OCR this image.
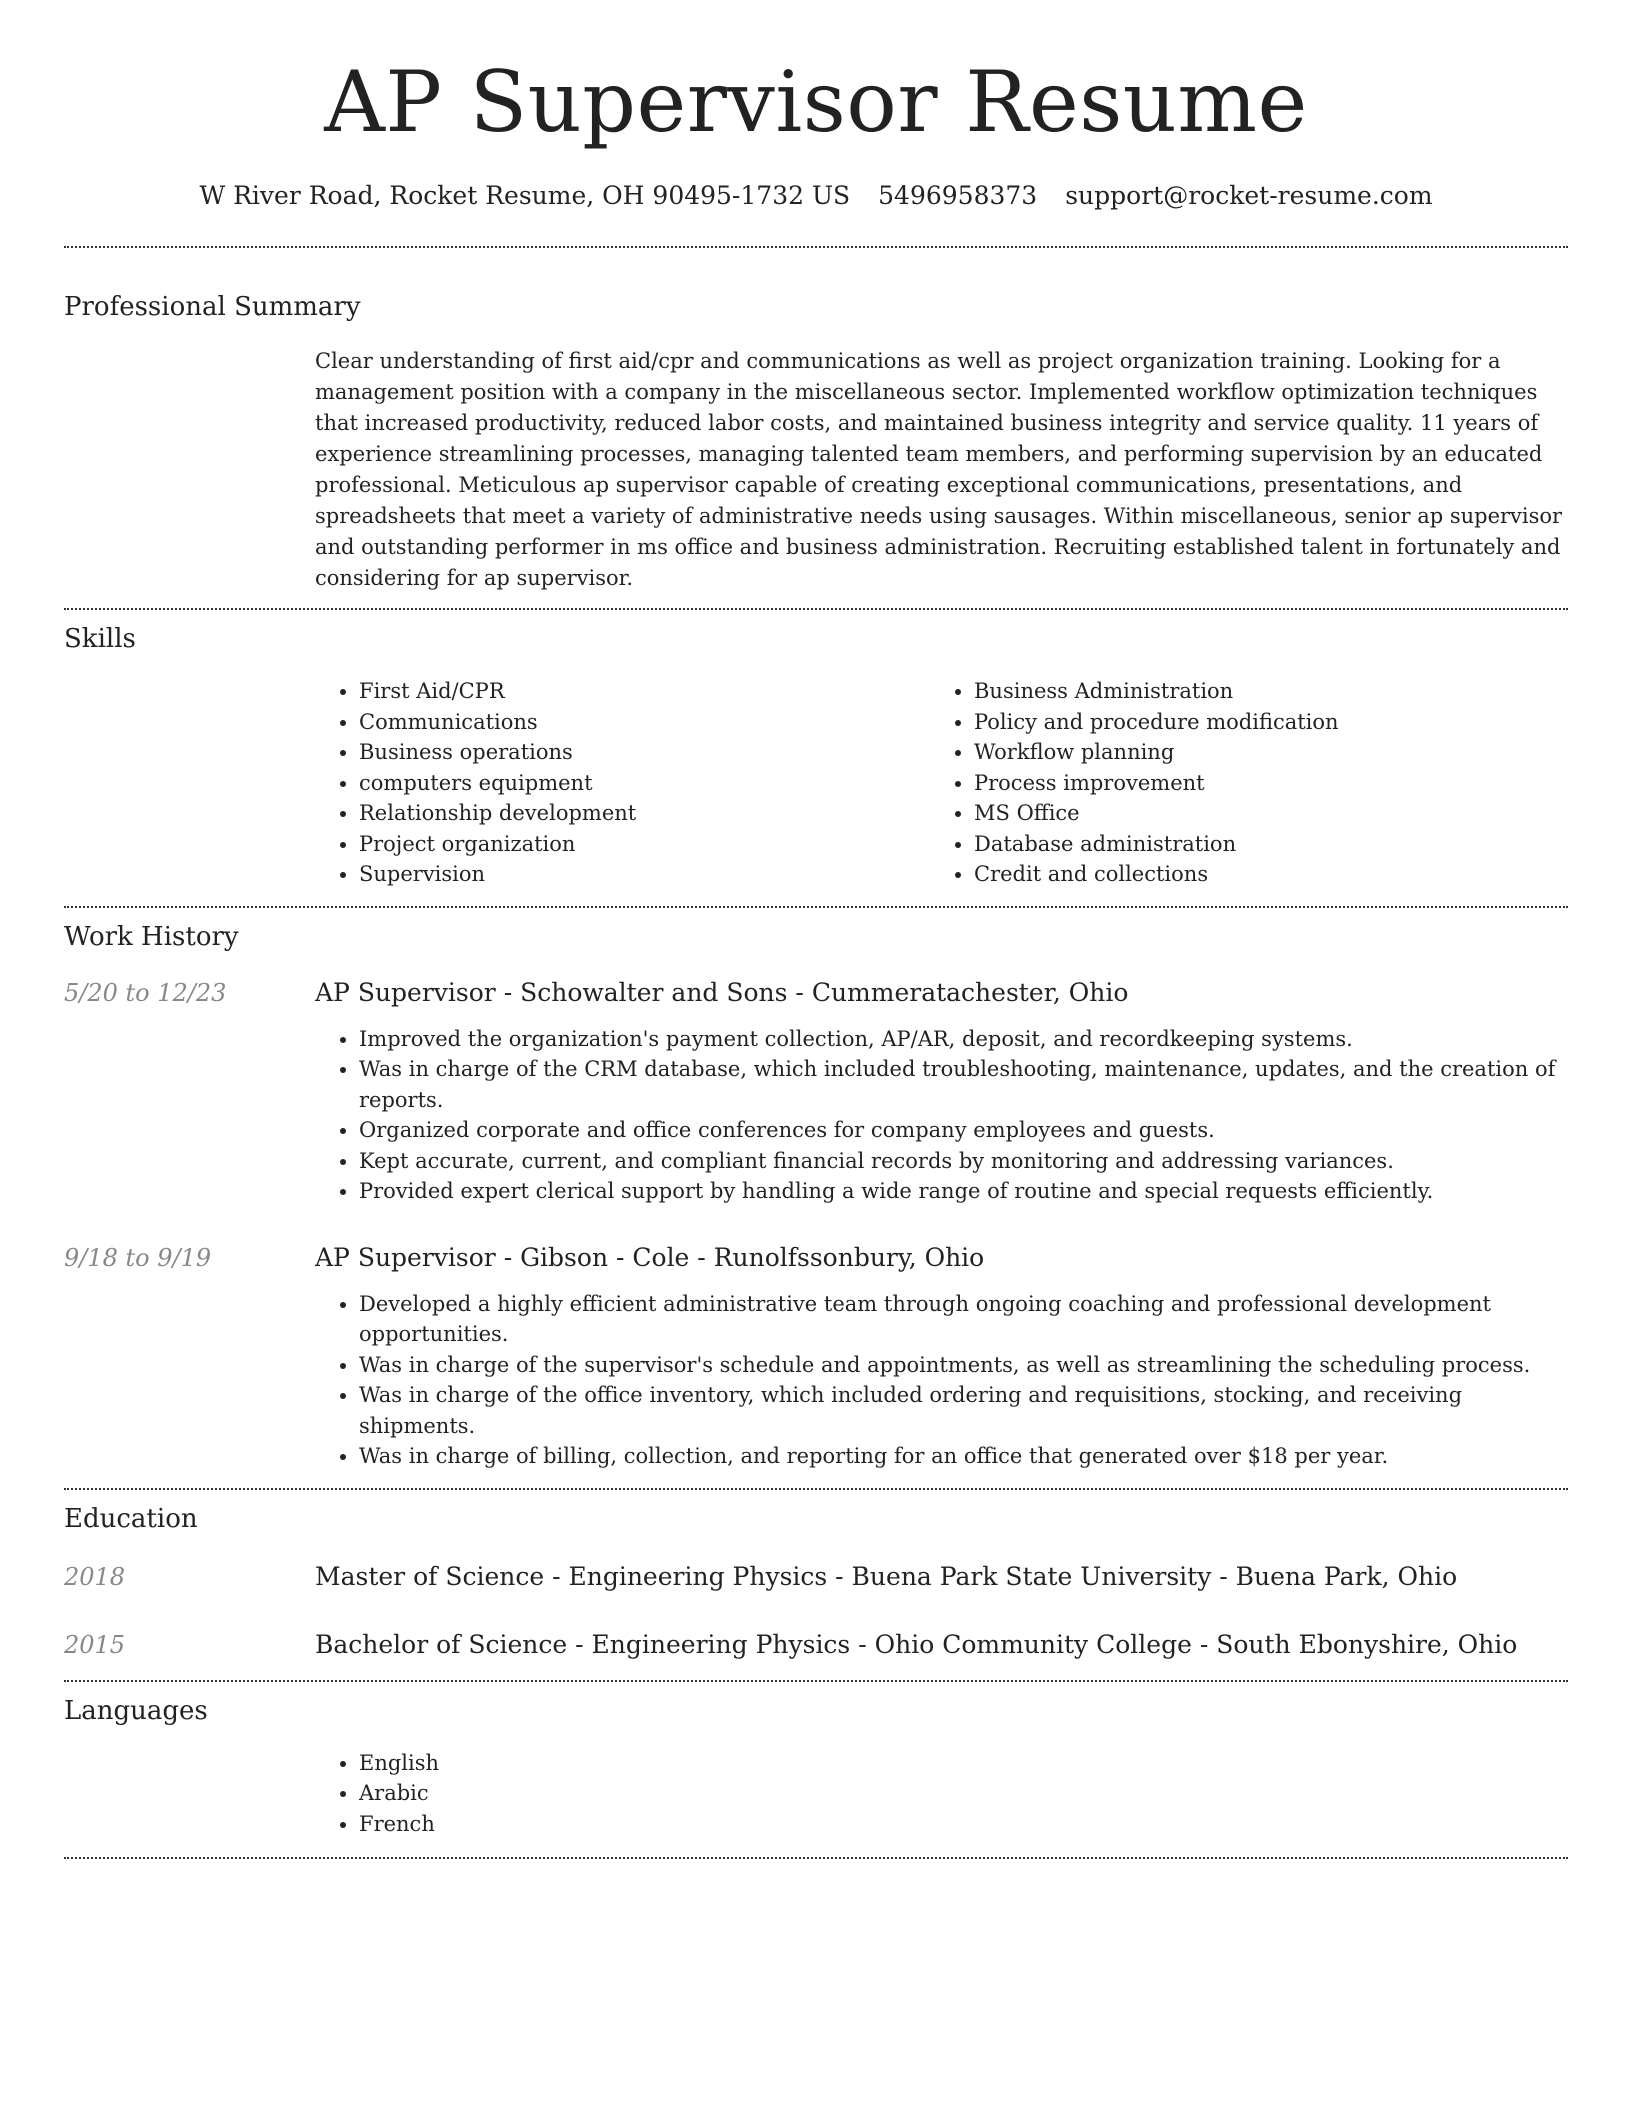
AP Supervisor Resume
W River Road, Rocket Resume, OH 90495-1732 US 5496958373 support@rocket-resume.com
Professional Summary

Clear understanding of first aid/cpr and communications as well as project organization training. Looking for a management position with a company in the miscellaneous sector. Implemented workflow optimization techniques that increased productivity, reduced labor costs, and maintained business integrity and service quality. 11 years of experience streamlining processes, managing talented team members, and performing supervision by an educated professional. Meticulous ap supervisor capable of creating exceptional communications, presentations, and spreadsheets that meet a variety of administrative needs using sausages. Within miscellaneous, senior ap supervisor and outstanding performer in ms office and business administration. Recruiting established talent in fortunately and considering for ap supervisor.

Skills
• First Aid/CPR
• Communications
• Business operations
• computers equipment
• Relationship development
• Project organization
• Supervision
• Business Administration
• Policy and procedure modification
• Workflow planning
• Process improvement
• MS Office
• Database administration
• Credit and collections
Work History
5/20 to 12/23	AP Supervisor - Schowalter and Sons - Cummeratachester, Ohio
• Improved the organization's payment collection, AP/AR, deposit, and recordkeeping systems.
• Was in charge of the CRM database, which included troubleshooting, maintenance, updates, and the creation of reports.
• Organized corporate and office conferences for company employees and guests.
• Kept accurate, current, and compliant financial records by monitoring and addressing variances.
• Provided expert clerical support by handling a wide range of routine and special requests efficiently.
9/18 to 9/19	AP Supervisor - Gibson - Cole - Runolfssonbury, Ohio
• Developed a highly efficient administrative team through ongoing coaching and professional development opportunities.
• Was in charge of the supervisor's schedule and appointments, as well as streamlining the scheduling process.
• Was in charge of the office inventory, which included ordering and requisitions, stocking, and receiving shipments.
• Was in charge of billing, collection, and reporting for an office that generated over $18 per year.
Education
2018	Master of Science - Engineering Physics - Buena Park State University - Buena Park, Ohio
2015	Bachelor of Science - Engineering Physics - Ohio Community College - South Ebonyshire, Ohio
Languages
• English
• Arabic
• French
